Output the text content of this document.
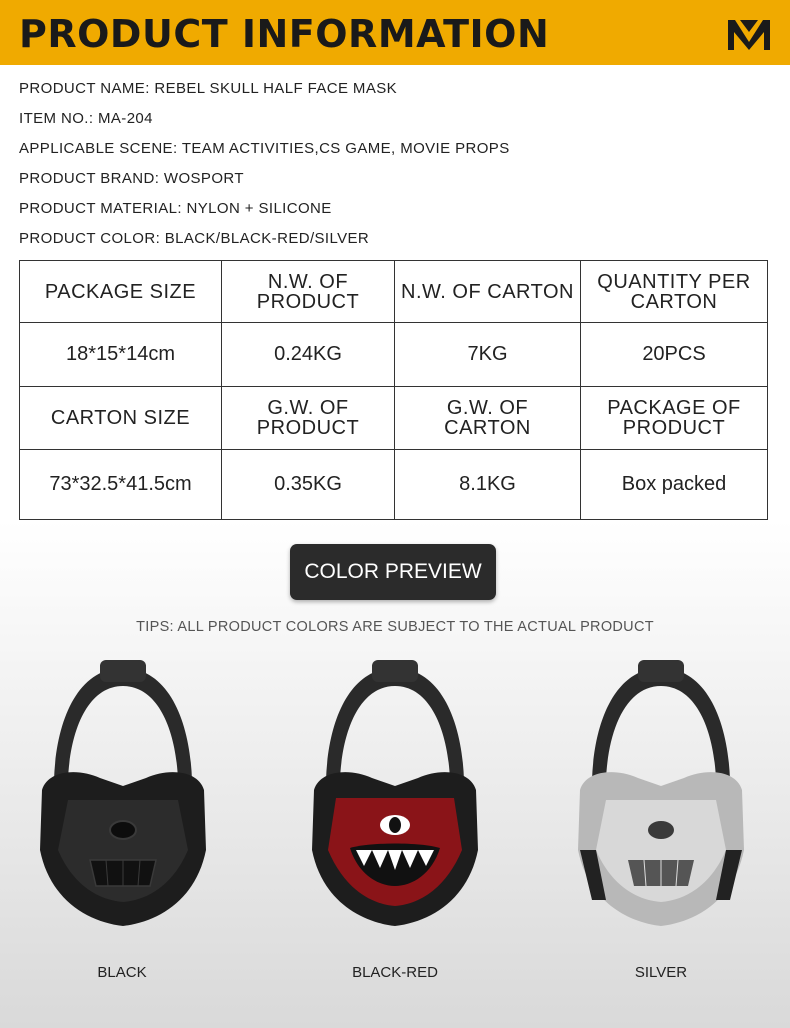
PRODUCT INFORMATION
PRODUCT NAME: REBEL SKULL HALF FACE MASK
ITEM NO.: MA-204
APPLICABLE SCENE: TEAM ACTIVITIES,CS GAME, MOVIE PROPS
PRODUCT BRAND: WOSPORT
PRODUCT MATERIAL: NYLON + SILICONE
PRODUCT COLOR: BLACK/BLACK-RED/SILVER
PACKAGE SIZE	N.W. OF PRODUCT	N.W. OF CARTON	QUANTITY PER CARTON
18*15*14cm	0.24KG	7KG	20PCS
CARTON SIZE	G.W. OF PRODUCT	G.W. OF CARTON	PACKAGE OF PRODUCT
73*32.5*41.5cm	0.35KG	8.1KG	Box packed
COLOR PREVIEW
TIPS: ALL PRODUCT COLORS ARE SUBJECT TO THE ACTUAL PRODUCT
BLACK	BLACK-RED	SILVER
